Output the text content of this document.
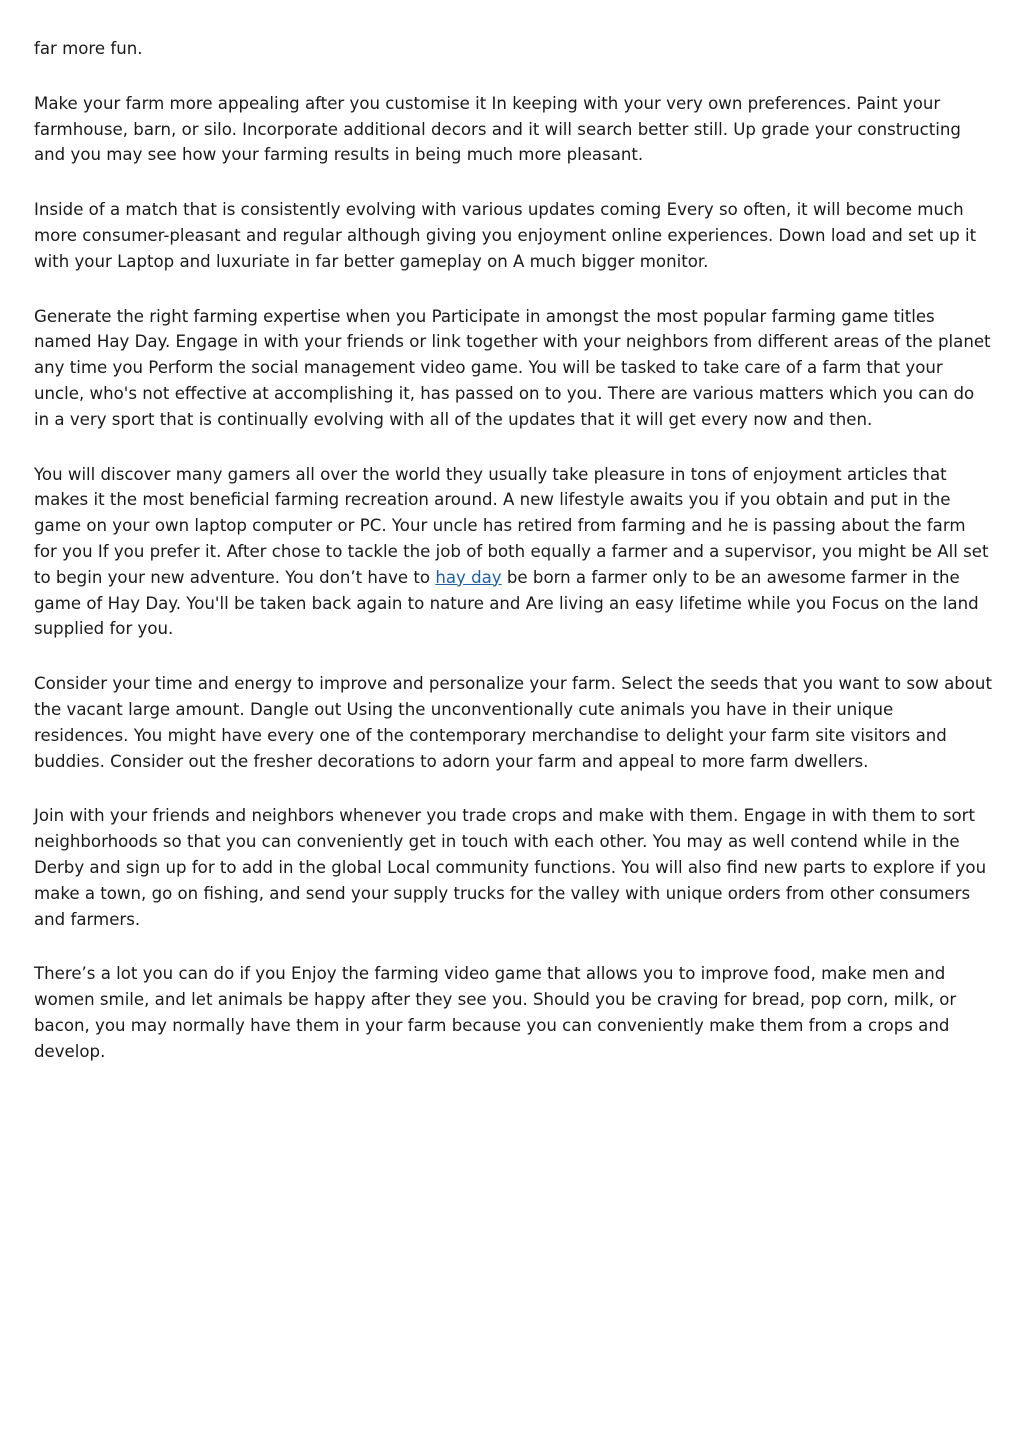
far more fun.

Make your farm more appealing after you customise it In keeping with your very own preferences. Paint your farmhouse, barn, or silo. Incorporate additional decors and it will search better still. Up grade your constructing and you may see how your farming results in being much more pleasant.

Inside of a match that is consistently evolving with various updates coming Every so often, it will become much more consumer-pleasant and regular although giving you enjoyment online experiences. Down load and set up it with your Laptop and luxuriate in far better gameplay on A much bigger monitor.

Generate the right farming expertise when you Participate in amongst the most popular farming game titles named Hay Day. Engage in with your friends or link together with your neighbors from different areas of the planet any time you Perform the social management video game. You will be tasked to take care of a farm that your uncle, who's not effective at accomplishing it, has passed on to you. There are various matters which you can do in a very sport that is continually evolving with all of the updates that it will get every now and then.

You will discover many gamers all over the world they usually take pleasure in tons of enjoyment articles that makes it the most beneficial farming recreation around. A new lifestyle awaits you if you obtain and put in the game on your own laptop computer or PC. Your uncle has retired from farming and he is passing about the farm for you If you prefer it. After chose to tackle the job of both equally a farmer and a supervisor, you might be All set to begin your new adventure. You don’t have to hay day be born a farmer only to be an awesome farmer in the game of Hay Day. You'll be taken back again to nature and Are living an easy lifetime while you Focus on the land supplied for you.

Consider your time and energy to improve and personalize your farm. Select the seeds that you want to sow about the vacant large amount. Dangle out Using the unconventionally cute animals you have in their unique residences. You might have every one of the contemporary merchandise to delight your farm site visitors and buddies. Consider out the fresher decorations to adorn your farm and appeal to more farm dwellers.

Join with your friends and neighbors whenever you trade crops and make with them. Engage in with them to sort neighborhoods so that you can conveniently get in touch with each other. You may as well contend while in the Derby and sign up for to add in the global Local community functions. You will also find new parts to explore if you make a town, go on fishing, and send your supply trucks for the valley with unique orders from other consumers and farmers.

There’s a lot you can do if you Enjoy the farming video game that allows you to improve food, make men and women smile, and let animals be happy after they see you. Should you be craving for bread, pop corn, milk, or bacon, you may normally have them in your farm because you can conveniently make them from a crops and develop.
